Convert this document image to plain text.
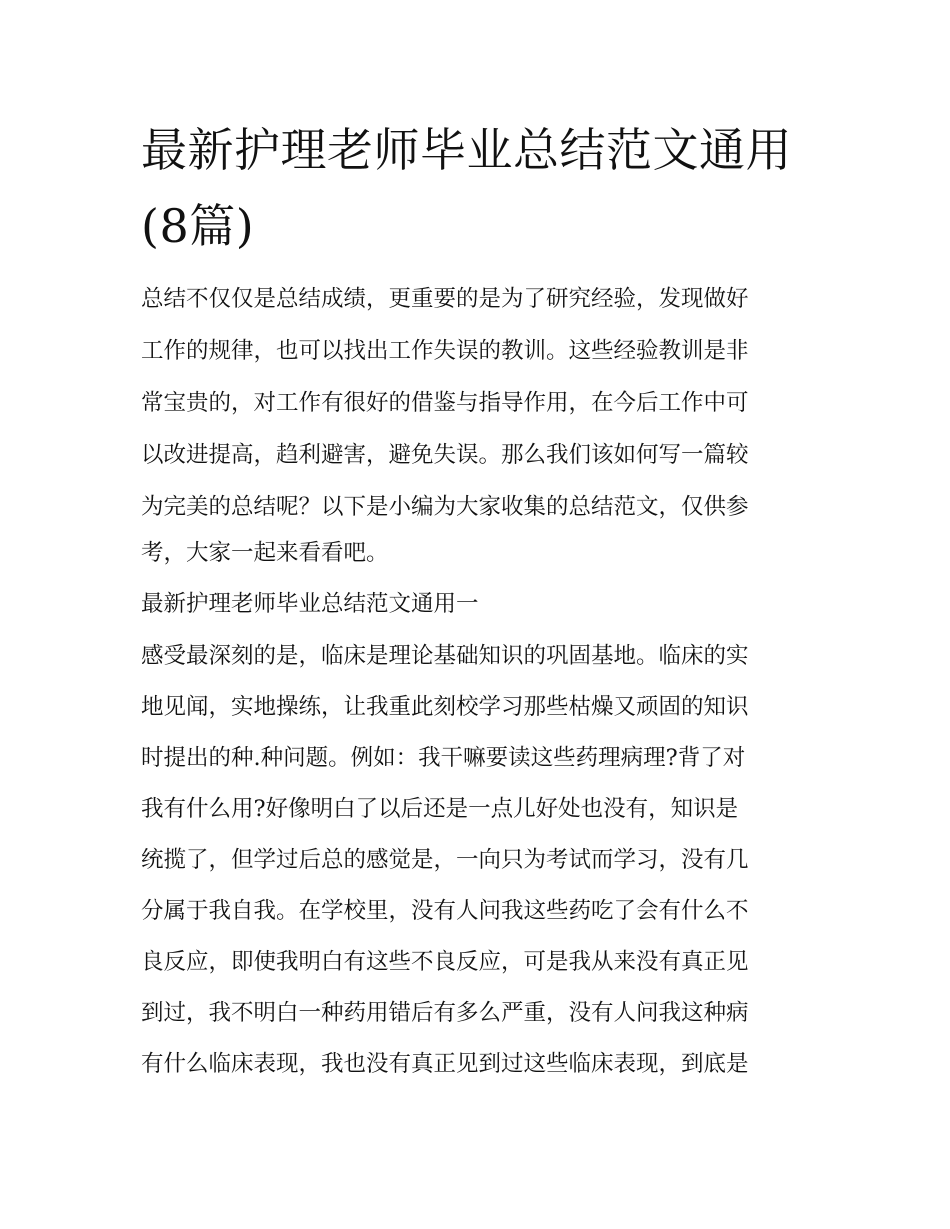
最新护理老师毕业总结范文通用(8篇)

总结不仅仅是总结成绩，更重要的是为了研究经验，发现做好

工作的规律，也可以找出工作失误的教训。这些经验教训是非

常宝贵的，对工作有很好的借鉴与指导作用，在今后工作中可

以改进提高，趋利避害，避免失误。那么我们该如何写一篇较

为完美的总结呢？以下是小编为大家收集的总结范文，仅供参

考，大家一起来看看吧。

最新护理老师毕业总结范文通用一

感受最深刻的是，临床是理论基础知识的巩固基地。临床的实

地见闻，实地操练，让我重此刻校学习那些枯燥又顽固的知识

时提出的种.种问题。例如：我干嘛要读这些药理病理?背了对

我有什么用?好像明白了以后还是一点儿好处也没有，知识是

统揽了，但学过后总的感觉是，一向只为考试而学习，没有几

分属于我自我。在学校里，没有人问我这些药吃了会有什么不

良反应，即使我明白有这些不良反应，可是我从来没有真正见

到过，我不明白一种药用错后有多么严重，没有人问我这种病

有什么临床表现，我也没有真正见到过这些临床表现，到底是
